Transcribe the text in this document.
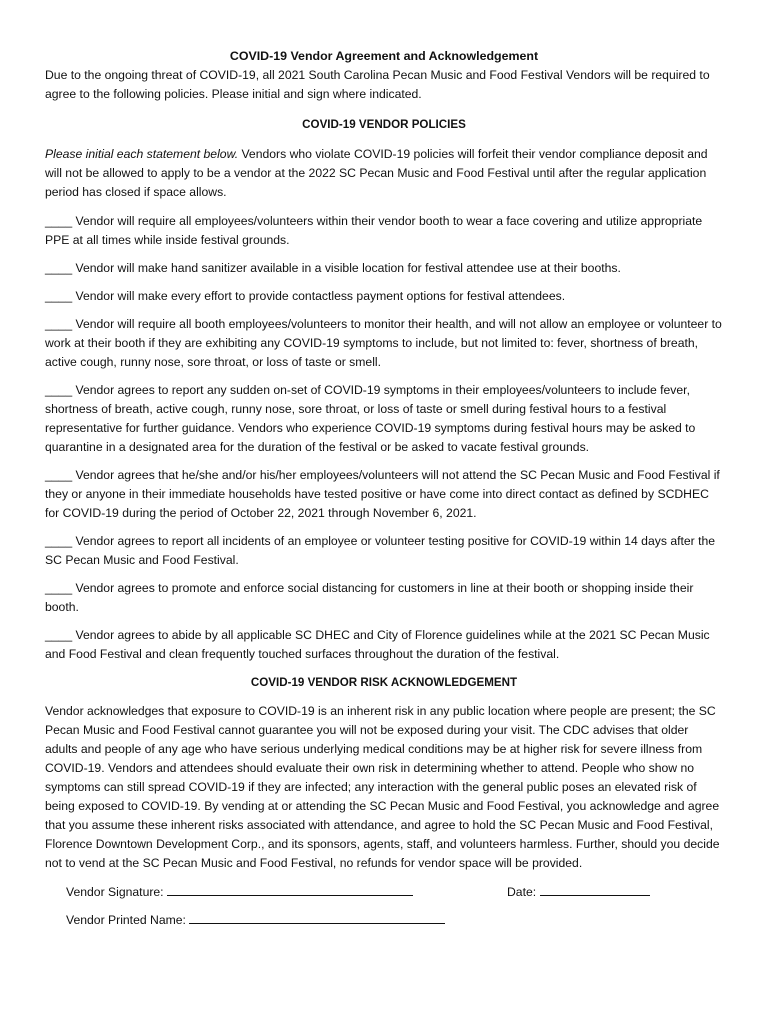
COVID-19 Vendor Agreement and Acknowledgement

Due to the ongoing threat of COVID-19, all 2021 South Carolina Pecan Music and Food Festival Vendors will be required to agree to the following policies. Please initial and sign where indicated.

COVID-19 VENDOR POLICIES

Please initial each statement below. Vendors who violate COVID-19 policies will forfeit their vendor compliance deposit and will not be allowed to apply to be a vendor at the 2022 SC Pecan Music and Food Festival until after the regular application period has closed if space allows.

____ Vendor will require all employees/volunteers within their vendor booth to wear a face covering and utilize appropriate PPE at all times while inside festival grounds.

____ Vendor will make hand sanitizer available in a visible location for festival attendee use at their booths.

____ Vendor will make every effort to provide contactless payment options for festival attendees.

____ Vendor will require all booth employees/volunteers to monitor their health, and will not allow an employee or volunteer to work at their booth if they are exhibiting any COVID-19 symptoms to include, but not limited to: fever, shortness of breath, active cough, runny nose, sore throat, or loss of taste or smell.

____ Vendor agrees to report any sudden on-set of COVID-19 symptoms in their employees/volunteers to include fever, shortness of breath, active cough, runny nose, sore throat, or loss of taste or smell during festival hours to a festival representative for further guidance. Vendors who experience COVID-19 symptoms during festival hours may be asked to quarantine in a designated area for the duration of the festival or be asked to vacate festival grounds.

____ Vendor agrees that he/she and/or his/her employees/volunteers will not attend the SC Pecan Music and Food Festival if they or anyone in their immediate households have tested positive or have come into direct contact as defined by SCDHEC for COVID-19 during the period of October 22, 2021 through November 6, 2021.

____ Vendor agrees to report all incidents of an employee or volunteer testing positive for COVID-19 within 14 days after the SC Pecan Music and Food Festival.

____ Vendor agrees to promote and enforce social distancing for customers in line at their booth or shopping inside their booth.

____ Vendor agrees to abide by all applicable SC DHEC and City of Florence guidelines while at the 2021 SC Pecan Music and Food Festival and clean frequently touched surfaces throughout the duration of the festival.

COVID-19 VENDOR RISK ACKNOWLEDGEMENT

Vendor acknowledges that exposure to COVID-19 is an inherent risk in any public location where people are present; the SC Pecan Music and Food Festival cannot guarantee you will not be exposed during your visit. The CDC advises that older adults and people of any age who have serious underlying medical conditions may be at higher risk for severe illness from COVID-19. Vendors and attendees should evaluate their own risk in determining whether to attend. People who show no symptoms can still spread COVID-19 if they are infected; any interaction with the general public poses an elevated risk of being exposed to COVID-19. By vending at or attending the SC Pecan Music and Food Festival, you acknowledge and agree that you assume these inherent risks associated with attendance, and agree to hold the SC Pecan Music and Food Festival, Florence Downtown Development Corp., and its sponsors, agents, staff, and volunteers harmless. Further, should you decide not to vend at the SC Pecan Music and Food Festival, no refunds for vendor space will be provided.

Vendor Signature:	Date:
Vendor Printed Name:
